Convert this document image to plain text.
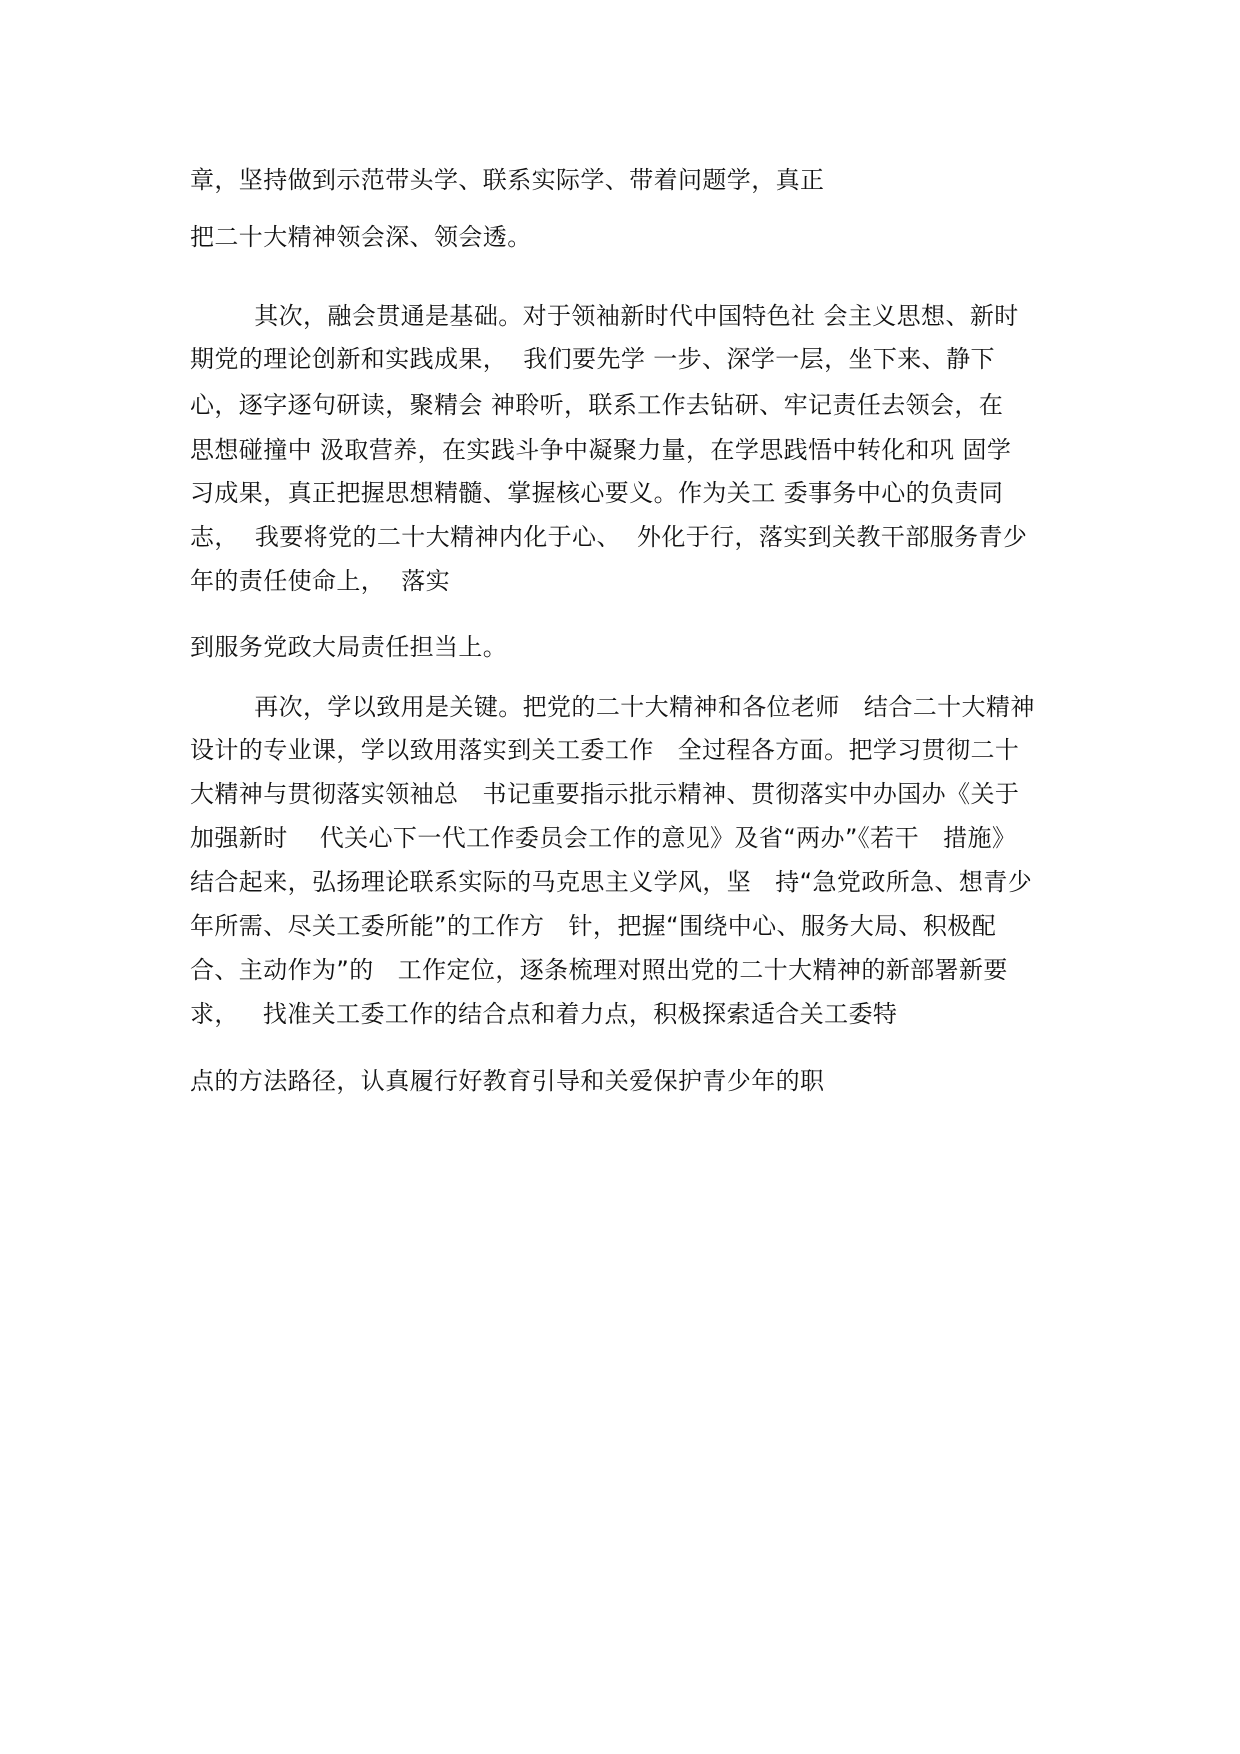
章，坚持做到示范带头学、联系实际学、带着问题学，真正
把二十大精神领会深、领会透。
其次，融会贯通是基础。对于领袖新时代中国特色社 会主义思想、新时
期党的理论创新和实践成果，  我们要先学 一步、深学一层，坐下来、静下
心，逐字逐句研读，聚精会 神聆听，联系工作去钻研、牢记责任去领会，在
思想碰撞中 汲取营养，在实践斗争中凝聚力量，在学思践悟中转化和巩 固学
习成果，真正把握思想精髓、掌握核心要义。作为关工 委事务中心的负责同
志，  我要将党的二十大精神内化于心、  外化于行，落实到关教干部服务青少
年的责任使命上，  落实
到服务党政大局责任担当上。
再次，学以致用是关键。把党的二十大精神和各位老师   结合二十大精神
设计的专业课，学以致用落实到关工委工作   全过程各方面。把学习贯彻二十
大精神与贯彻落实领袖总   书记重要指示批示精神、贯彻落实中办国办《关于
加强新时    代关心下一代工作委员会工作的意见》及省“两办”《若干   措施》
结合起来，弘扬理论联系实际的马克思主义学风，坚   持“急党政所急、想青少
年所需、尽关工委所能”的工作方   针，把握“围绕中心、服务大局、积极配
合、主动作为”的   工作定位，逐条梳理对照出党的二十大精神的新部署新要
求，   找准关工委工作的结合点和着力点，积极探索适合关工委特
点的方法路径，认真履行好教育引导和关爱保护青少年的职
